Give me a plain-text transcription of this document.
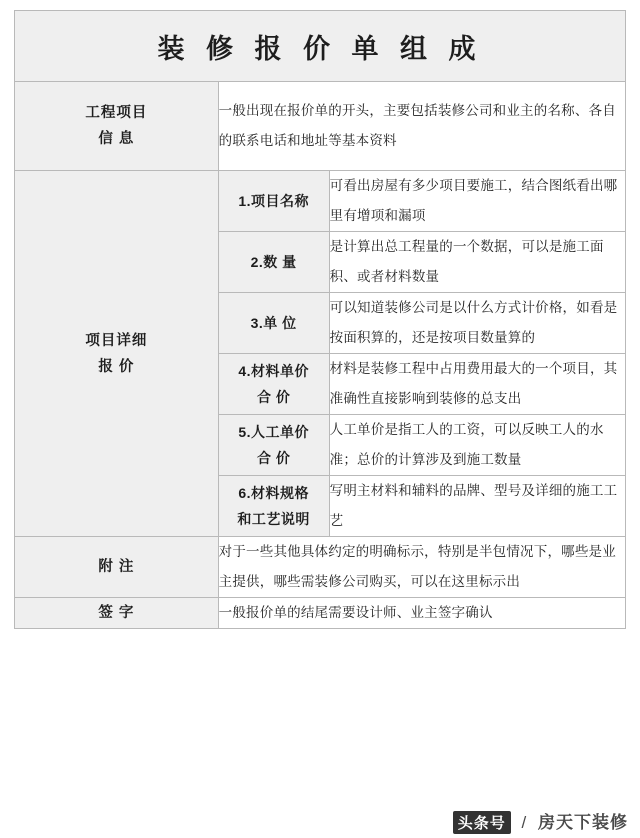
装 修 报 价 单 组 成

工程项目
信 息
	一般出现在报价单的开头，主要包括装修公司和业主的名称、各自的联系电话和地址等基本资料

项目详细
报 价

1.项目名称
	可看出房屋有多少项目要施工，结合图纸看出哪里有增项和漏项

2.数 量
	是计算出总工程量的一个数据，可以是施工面积、或者材料数量

3.单 位
	可以知道装修公司是以什么方式计价格，如看是按面积算的，还是按项目数量算的

4.材料单价
合 价
	材料是装修工程中占用费用最大的一个项目，其准确性直接影响到装修的总支出

5.人工单价
合 价
	人工单价是指工人的工资，可以反映工人的水准；总价的计算涉及到施工数量

6.材料规格
和工艺说明
	写明主材料和辅料的品牌、型号及详细的施工工艺

附 注
	对于一些其他具体约定的明确标示，特别是半包情况下，哪些是业主提供，哪些需装修公司购买，可以在这里标示出

签 字	一般报价单的结尾需要设计师、业主签字确认
头条号 / 房天下装修
